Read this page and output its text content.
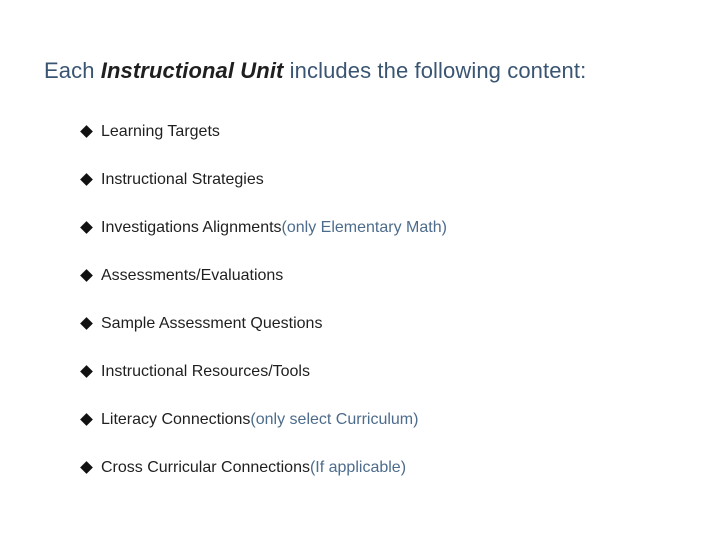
Each Instructional Unit includes the following content:
Learning Targets
Instructional Strategies
Investigations Alignments (only Elementary Math)
Assessments/Evaluations
Sample Assessment Questions
Instructional Resources/Tools
Literacy Connections (only select Curriculum)
Cross Curricular Connections (If applicable)
